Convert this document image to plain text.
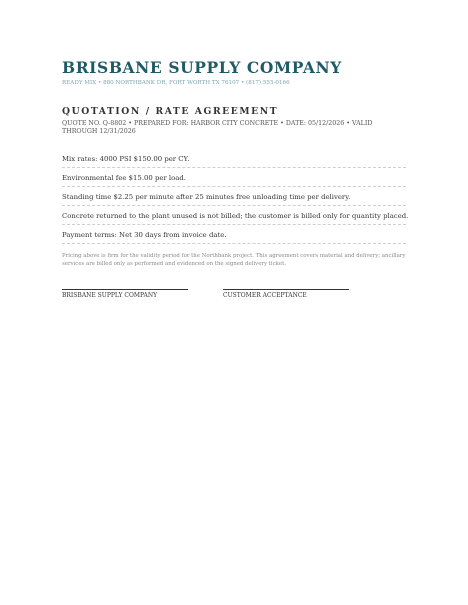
BRISBANE SUPPLY COMPANY
READY MIX • 880 NORTHBANK DR, FORT WORTH TX 76107 • (817) 555-0166
QUOTATION / RATE AGREEMENT
QUOTE NO. Q-8802 • PREPARED FOR: HARBOR CITY CONCRETE • DATE: 05/12/2026 • VALID THROUGH 12/31/2026
Mix rates: 4000 PSI $150.00 per CY.
Environmental fee $15.00 per load.
Standing time $2.25 per minute after 25 minutes free unloading time per delivery.
Concrete returned to the plant unused is not billed; the customer is billed only for quantity placed.
Payment terms: Net 30 days from invoice date.
Pricing above is firm for the validity period for the Northbank project. This agreement covers material and delivery; ancillary services are billed only as performed and evidenced on the signed delivery ticket.
BRISBANE SUPPLY COMPANY	CUSTOMER ACCEPTANCE
